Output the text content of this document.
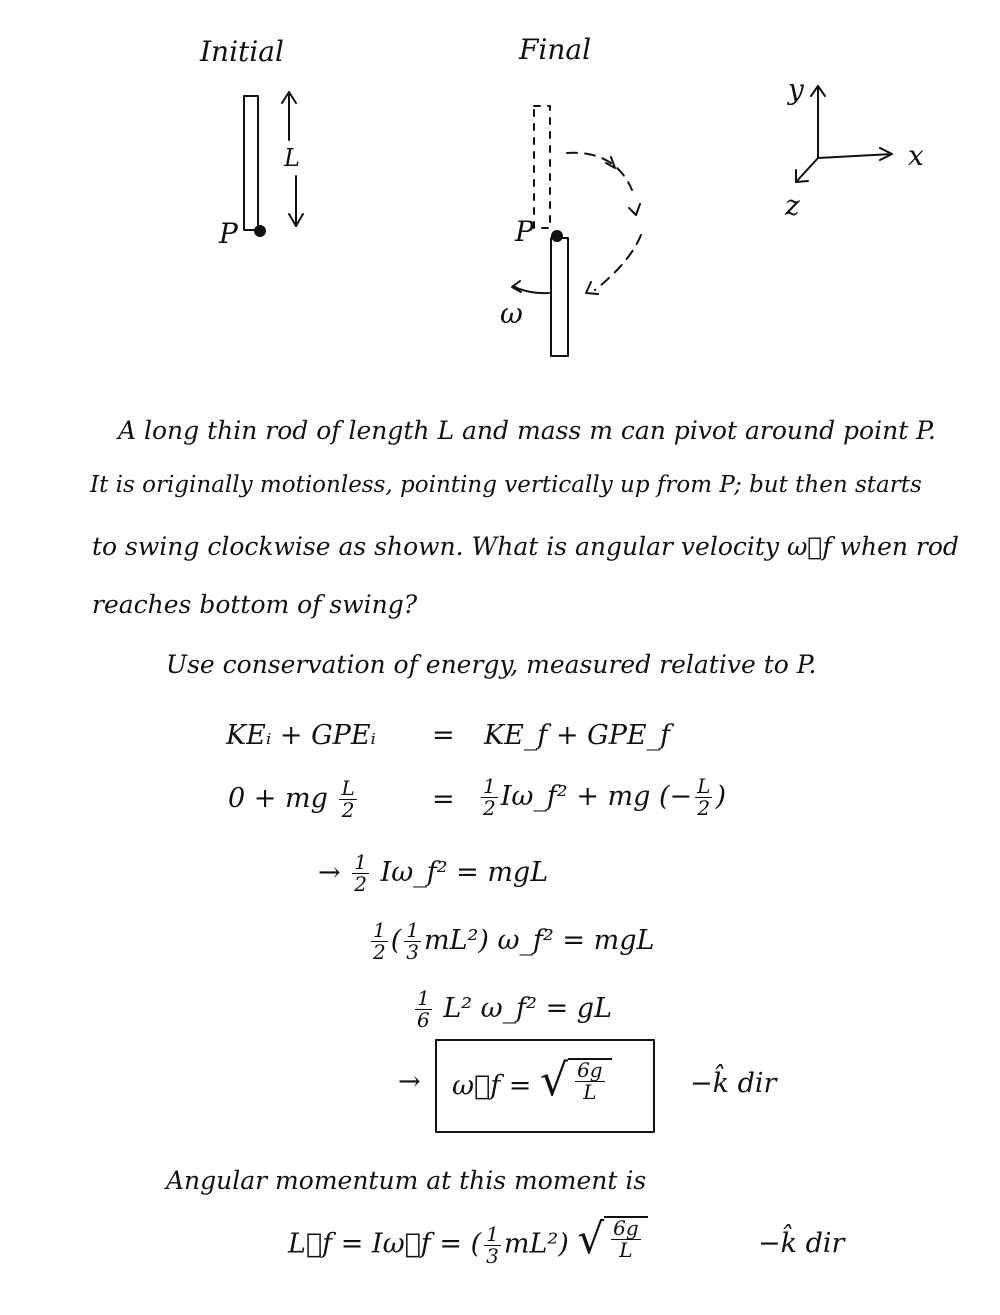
Initial	Final
P
L
P
ω
y
x
z
A long thin rod of length L and mass m can pivot around point P.
It is originally motionless, pointing vertically up from P; but then starts
to swing clockwise as shown. What is angular velocity ω⃗f when rod
reaches bottom of swing?
Use conservation of energy, measured relative to P.
KEᵢ + GPEᵢ = KE_f + GPE_f
0 + mg $\frac{L}{2}$	= $\frac{1}{2}$ Iω_f² + mg (− $\frac{L}{2}$ )
→ $\frac{1}{2}$ Iω_f² = mgL
$\frac{1}{2}$ ( $\frac{1}{3} mL^2$) ω_f² = mgL
$\frac{1}{6} L^2$ ω_f² = gL
→ ω⃗f = √ $\frac{6g}{L}$	−k̂ dir
Angular momentum at this moment is
L⃗f = Iω⃗f = ( $\frac{1}{3} mL^2$) √ $\frac{6g}{L}$	−k̂ dir
